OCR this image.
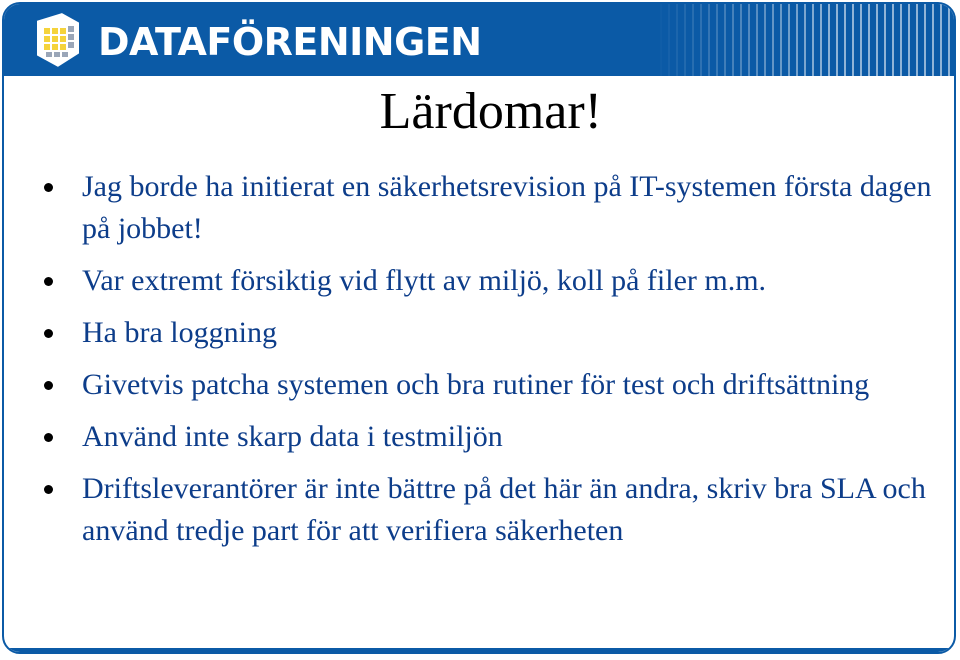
DATAFÖRENINGEN
Lärdomar!
Jag borde ha initierat en säkerhetsrevision på IT-systemen första dagen på jobbet!
Var extremt försiktig vid flytt av miljö, koll på filer m.m.
Ha bra loggning
Givetvis patcha systemen och bra rutiner för test och driftsättning
Använd inte skarp data i testmiljön
Driftsleverantörer är inte bättre på det här än andra, skriv bra SLA och använd tredje part för att verifiera säkerheten
